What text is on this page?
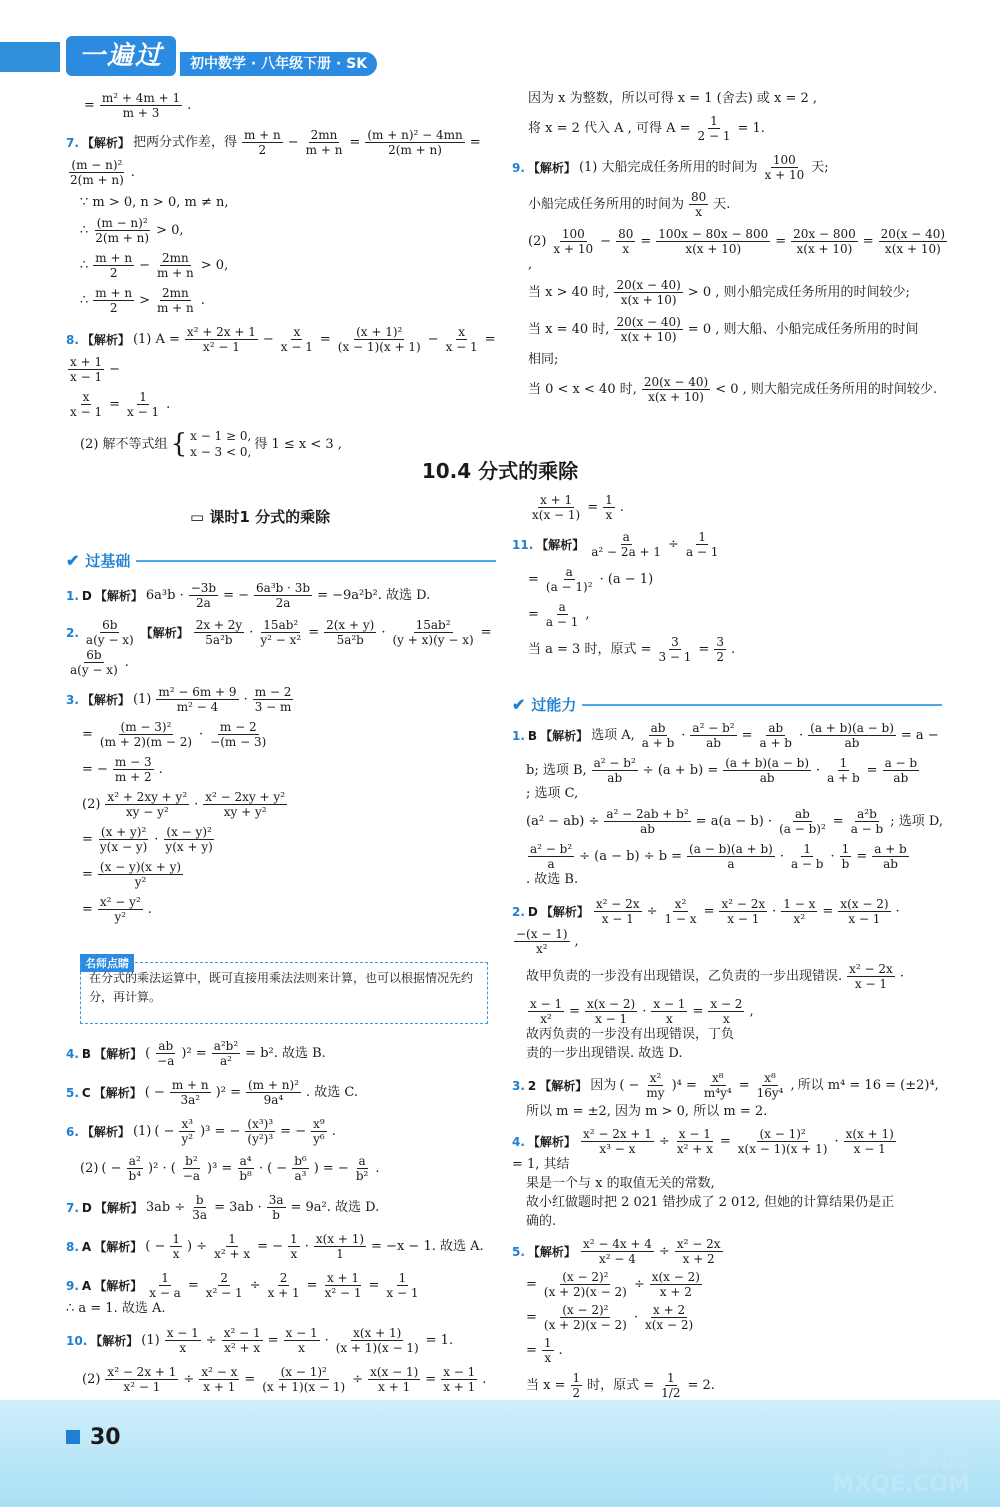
一遍过	初中数学 · 八年级下册 · SK
= $\frac{\text{m² + 4m + 1}}{m + 3}$ .
7. 【解析】 把两分式作差，得 $\frac{m + n}{2} - \frac{2mn}{m + n} = \frac{\text{(m + n)² − 4mn}}{2(m + n)}$ =
$\frac{\text{(m − n)²}}{2(m + n)}$ .
∵ m > 0, n > 0, m ≠ n,
∴ $\frac{\text{(m − n)²}}{2(m + n)} > 0$,
∴ $\frac{m + n}{2} - \frac{2mn}{m + n} > 0$,
∴ $\frac{m + n}{2} > \frac{2mn}{m + n}$ .
8. 【解析】 (1) $A = \frac{\text{x² + 2x + 1}}{\text{x² − 1}} - \frac{x}{x - 1} = \frac{\text{(x + 1)²}}{(x - 1)(x + 1)} - \frac{x}{x - 1}$ =
$\frac{x + 1}{x - 1}$ −
$\frac{x}{x - 1} = \frac{1}{x - 1}$ .
(2) 解不等式组 { x − 1 ≥ 0,
x − 3 < 0,
得 1 ≤ x < 3 ,
因为 x 为整数，所以可得 x = 1 (舍去) 或 x = 2 ,
将 x = 2 代入 A , 可得 $A = \frac{1}{2 - 1} = 1$.
9. 【解析】 (1) 大船完成任务所用的时间为 $\frac{100}{x + 10}$ 天;
小船完成任务所用的时间为 $\frac{80}{x}$ 天.
$(2) \frac{100}{x + 10} - \frac{80}{x} = \frac{100x - 80x - 800}{x(x + 10)} = \frac{20x - 800}{x(x + 10)} = \frac{20(x - 40)}{x(x + 10)}$
,
当 x > 40 时, $\frac{20(x - 40)}{x(x + 10)} > 0$ , 则小船完成任务所用的时间较少;
当 x = 40 时, $\frac{20(x - 40)}{x(x + 10)} = 0$ , 则大船、小船完成任务所用的时间
相同;
当 0 < x < 40 时, $\frac{20(x - 40)}{x(x + 10)} < 0$ , 则大船完成任务所用的时间较少.
10.4 分式的乘除
▭ 课时1 分式的乘除
✔ 过基础
1. D 【解析】 $6a^3b \cdot \frac{-3b}{2a}$ = − $\frac{\text{6a³b · 3b}}{2a} = -9a^2b^2$. 故选 D.
2. $\frac{6b}{a(y - x)}$ 【解析】 $\frac{2x + 2y}{\text{5a²b}} \cdot \frac{\text{15ab²}}{\text{y² − x²}} = \frac{2(x + y)}{\text{5a²b}} \cdot \frac{\text{15ab²}}{(y + x)(y - x)}$ =
$\frac{6b}{a(y - x)}$ .
3. 【解析】 $(1) \frac{\text{m² − 6m + 9}}{\text{m² − 4}} \cdot \frac{m - 2}{3 - m}$
= $\frac{\text{(m − 3)²}}{(m + 2)(m - 2)} \cdot \frac{m - 2}{-(m - 3)}$
= − $\frac{m - 3}{m + 2}$ .
$(2) \frac{\text{x² + 2xy + y²}}{\text{xy − y²}} \cdot \frac{\text{x² − 2xy + y²}}{\text{xy + y²}}$
= $\frac{\text{(x + y)²}}{y(x - y)} \cdot \frac{\text{(x − y)²}}{y(x + y)}$
= $\frac{(x - y)(x + y)}{\text{y²}}$
= $\frac{\text{x² − y²}}{\text{y²}}$ .
名师点睛
在分式的乘法运算中，既可直接用乘法法则来计算，也可以根据情况先约分，再计算。
4. B 【解析】 ( $\frac{ab}{-a} )^2 = \frac{\text{a²b²}}{\text{a²}} = b^2$. 故选 B.
5. C 【解析】 ( − $\frac{m + n}{\text{3a²}} )^2 = \frac{\text{(m + n)²}}{\text{9a⁴}}$ . 故选 C.
6. 【解析】 (1) ( − $\frac{\text{x³}}{\text{y²}} )^3$ = − $\frac{\text{(x³)³}}{\text{(y²)³}}$ = − $\frac{\text{x⁹}}{\text{y⁶}}$ .
(2) ( − $\frac{\text{a²}}{\text{b⁴}} )^2$ · ( $\frac{\text{b²}}{-a} )^3 = \frac{\text{a⁴}}{\text{b⁸}}$ · ( − $\frac{\text{b⁶}}{\text{a³}}$ ) = − $\frac{a}{\text{b²}}$ .
7. D 【解析】 $3ab \div \frac{b}{3a} = 3ab \cdot \frac{3a}{b} = 9a^2$. 故选 D.
8. A 【解析】 ( − $\frac{1}{x}$ ) ÷ $\frac{1}{\text{x² + x}}$ = − $\frac{1}{x} \cdot \frac{x(x + 1)}{1} = -x - 1$. 故选 A.
9. A 【解析】 $\frac{1}{x - a} = \frac{2}{\text{x² − 1}} \div \frac{2}{x + 1} = \frac{x + 1}{\text{x² − 1}} = \frac{1}{x - 1}$
∴ a = 1. 故选 A.
10. 【解析】 $(1) \frac{x - 1}{x} \div \frac{\text{x² − 1}}{\text{x² + x}} = \frac{x - 1}{x} \cdot \frac{x(x + 1)}{(x + 1)(x - 1)} = 1$.
$(2) \frac{\text{x² − 2x + 1}}{\text{x² − 1}} \div \frac{\text{x² − x}}{x + 1} = \frac{\text{(x − 1)²}}{(x + 1)(x - 1)} \div \frac{x(x - 1)}{x + 1} = \frac{x - 1}{x + 1}$ .
$\frac{x + 1}{x(x - 1)} = \frac{1}{x}$ .
11. 【解析】 $\frac{a}{\text{a² − 2a + 1}} \div \frac{1}{a - 1}$
= $\frac{a}{\text{(a − 1)²}} \cdot (a - 1)$
= $\frac{a}{a - 1}$ ,
当 a = 3 时，原式 = $\frac{3}{3 - 1} = \frac{3}{2}$ .
✔ 过能力
1. B 【解析】 选项 A, $\frac{ab}{a + b} \cdot \frac{\text{a² − b²}}{ab} = \frac{ab}{a + b} \cdot \frac{(a + b)(a - b)}{ab} = a$ −
b; 选项 B, $\frac{\text{a² − b²}}{ab} \div (a + b) = \frac{(a + b)(a - b)}{ab} \cdot \frac{1}{a + b} = \frac{a - b}{ab}$
; 选项 C,
$(a^2 - ab) \div \frac{\text{a² − 2ab + b²}}{ab} = a(a - b) \cdot \frac{ab}{\text{(a − b)²}} = \frac{\text{a²b}}{a - b}$ ; 选项 D,
$\frac{\text{a² − b²}}{a} \div (a - b) \div b = \frac{(a - b)(a + b)}{a} \cdot \frac{1}{a - b} \cdot \frac{1}{b} = \frac{a + b}{ab}$
. 故选 B.
2. D 【解析】 $\frac{\text{x² − 2x}}{x - 1} \div \frac{\text{x²}}{1 - x} = \frac{\text{x² − 2x}}{x - 1} \cdot \frac{1 - x}{\text{x²}} = \frac{x(x - 2)}{x - 1}$ ·
$\frac{-(x - 1)}{\text{x²}}$ ,
故甲负责的一步没有出现错误，乙负责的一步出现错误. $\frac{\text{x² − 2x}}{x - 1}$ ·
$\frac{x - 1}{\text{x²}} = \frac{x(x - 2)}{x - 1} \cdot \frac{x - 1}{x} = \frac{x - 2}{x}$ ,
故丙负责的一步没有出现错误，丁负
责的一步出现错误. 故选 D.
3. 2 【解析】 因为 ( − $\frac{\text{x²}}{my} )^4 = \frac{\text{x⁸}}{\text{m⁴y⁴}} = \frac{\text{x⁸}}{\text{16y⁴}}$ , 所以 m⁴ = 16 = (±2)⁴,
所以 m = ±2, 因为 m > 0, 所以 m = 2.
4. 【解析】 $\frac{\text{x² − 2x + 1}}{\text{x³ − x}} \div \frac{x - 1}{\text{x² + x}} = \frac{\text{(x − 1)²}}{x(x - 1)(x + 1)} \cdot \frac{x(x + 1)}{x - 1}$
= 1, 其结
果是一个与 x 的取值无关的常数,
故小红做题时把 2 021 错抄成了 2 012, 但她的计算结果仍是正
确的.
5. 【解析】 $\frac{\text{x² − 4x + 4}}{\text{x² − 4}} \div \frac{\text{x² − 2x}}{x + 2}$
= $\frac{\text{(x − 2)²}}{(x + 2)(x - 2)} \div \frac{x(x - 2)}{x + 2}$
= $\frac{\text{(x − 2)²}}{(x + 2)(x - 2)} \cdot \frac{x + 2}{x(x - 2)}$
= $\frac{1}{x}$ .
当 $x = \frac{1}{2}$ 时，原式 = $\frac{1}{1/2} = 2$.
30
答案圈
MXQE.COM
